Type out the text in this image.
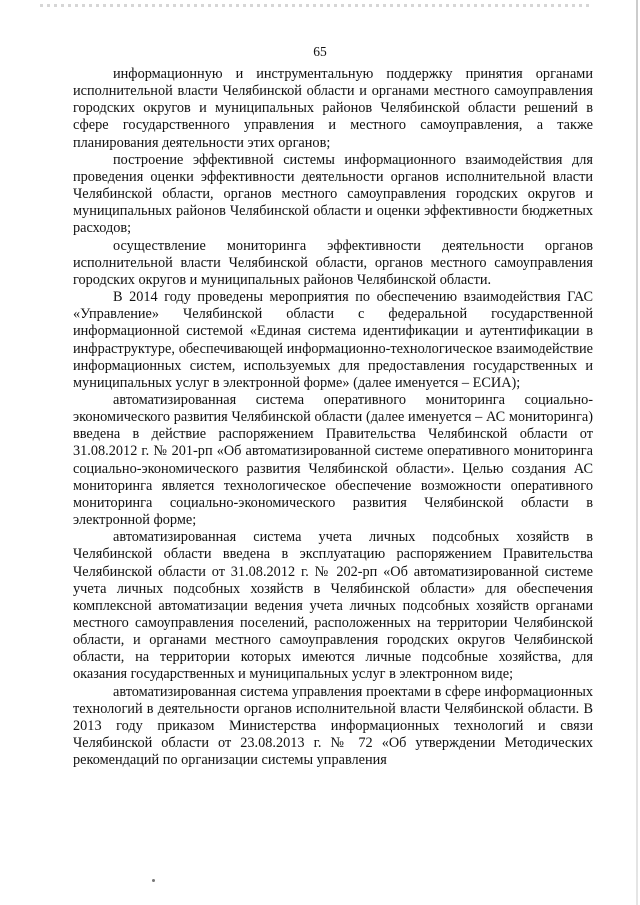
65

информационную и инструментальную поддержку принятия органами исполнительной власти Челябинской области и органами местного самоуправления городских округов и муниципальных районов Челябинской области решений в сфере государственного управления и местного самоуправления, а также планирования деятельности этих органов;

построение эффективной системы информационного взаимодействия для проведения оценки эффективности деятельности органов исполнительной власти Челябинской области, органов местного самоуправления городских округов и муниципальных районов Челябинской области и оценки эффективности бюджетных расходов;

осуществление мониторинга эффективности деятельности органов исполнительной власти Челябинской области, органов местного самоуправления городских округов и муниципальных районов Челябинской области.

В 2014 году проведены мероприятия по обеспечению взаимодействия ГАС «Управление» Челябинской области с федеральной государственной информационной системой «Единая система идентификации и аутентификации в инфраструктуре, обеспечивающей информационно-технологическое взаимодействие информационных систем, используемых для предоставления государственных и муниципальных услуг в электронной форме» (далее именуется – ЕСИА);

автоматизированная система оперативного мониторинга социально-экономического развития Челябинской области (далее именуется – АС мониторинга) введена в действие распоряжением Правительства Челябинской области от 31.08.2012 г. № 201-рп «Об автоматизированной системе оперативного мониторинга социально-экономического развития Челябинской области». Целью создания АС мониторинга является технологическое обеспечение возможности оперативного мониторинга социально-экономического развития Челябинской области в электронной форме;

автоматизированная система учета личных подсобных хозяйств в Челябинской области введена в эксплуатацию распоряжением Правительства Челябинской области от 31.08.2012 г. № 202-рп «Об автоматизированной системе учета личных подсобных хозяйств в Челябинской области» для обеспечения комплексной автоматизации ведения учета личных подсобных хозяйств органами местного самоуправления поселений, расположенных на территории Челябинской области, и органами местного самоуправления городских округов Челябинской области, на территории которых имеются личные подсобные хозяйства, для оказания государственных и муниципальных услуг в электронном виде;

автоматизированная система управления проектами в сфере информационных технологий в деятельности органов исполнительной власти Челябинской области. В 2013 году приказом Министерства информационных технологий и связи Челябинской области от 23.08.2013 г. № 72 «Об утверждении Методических рекомендаций по организации системы управления
